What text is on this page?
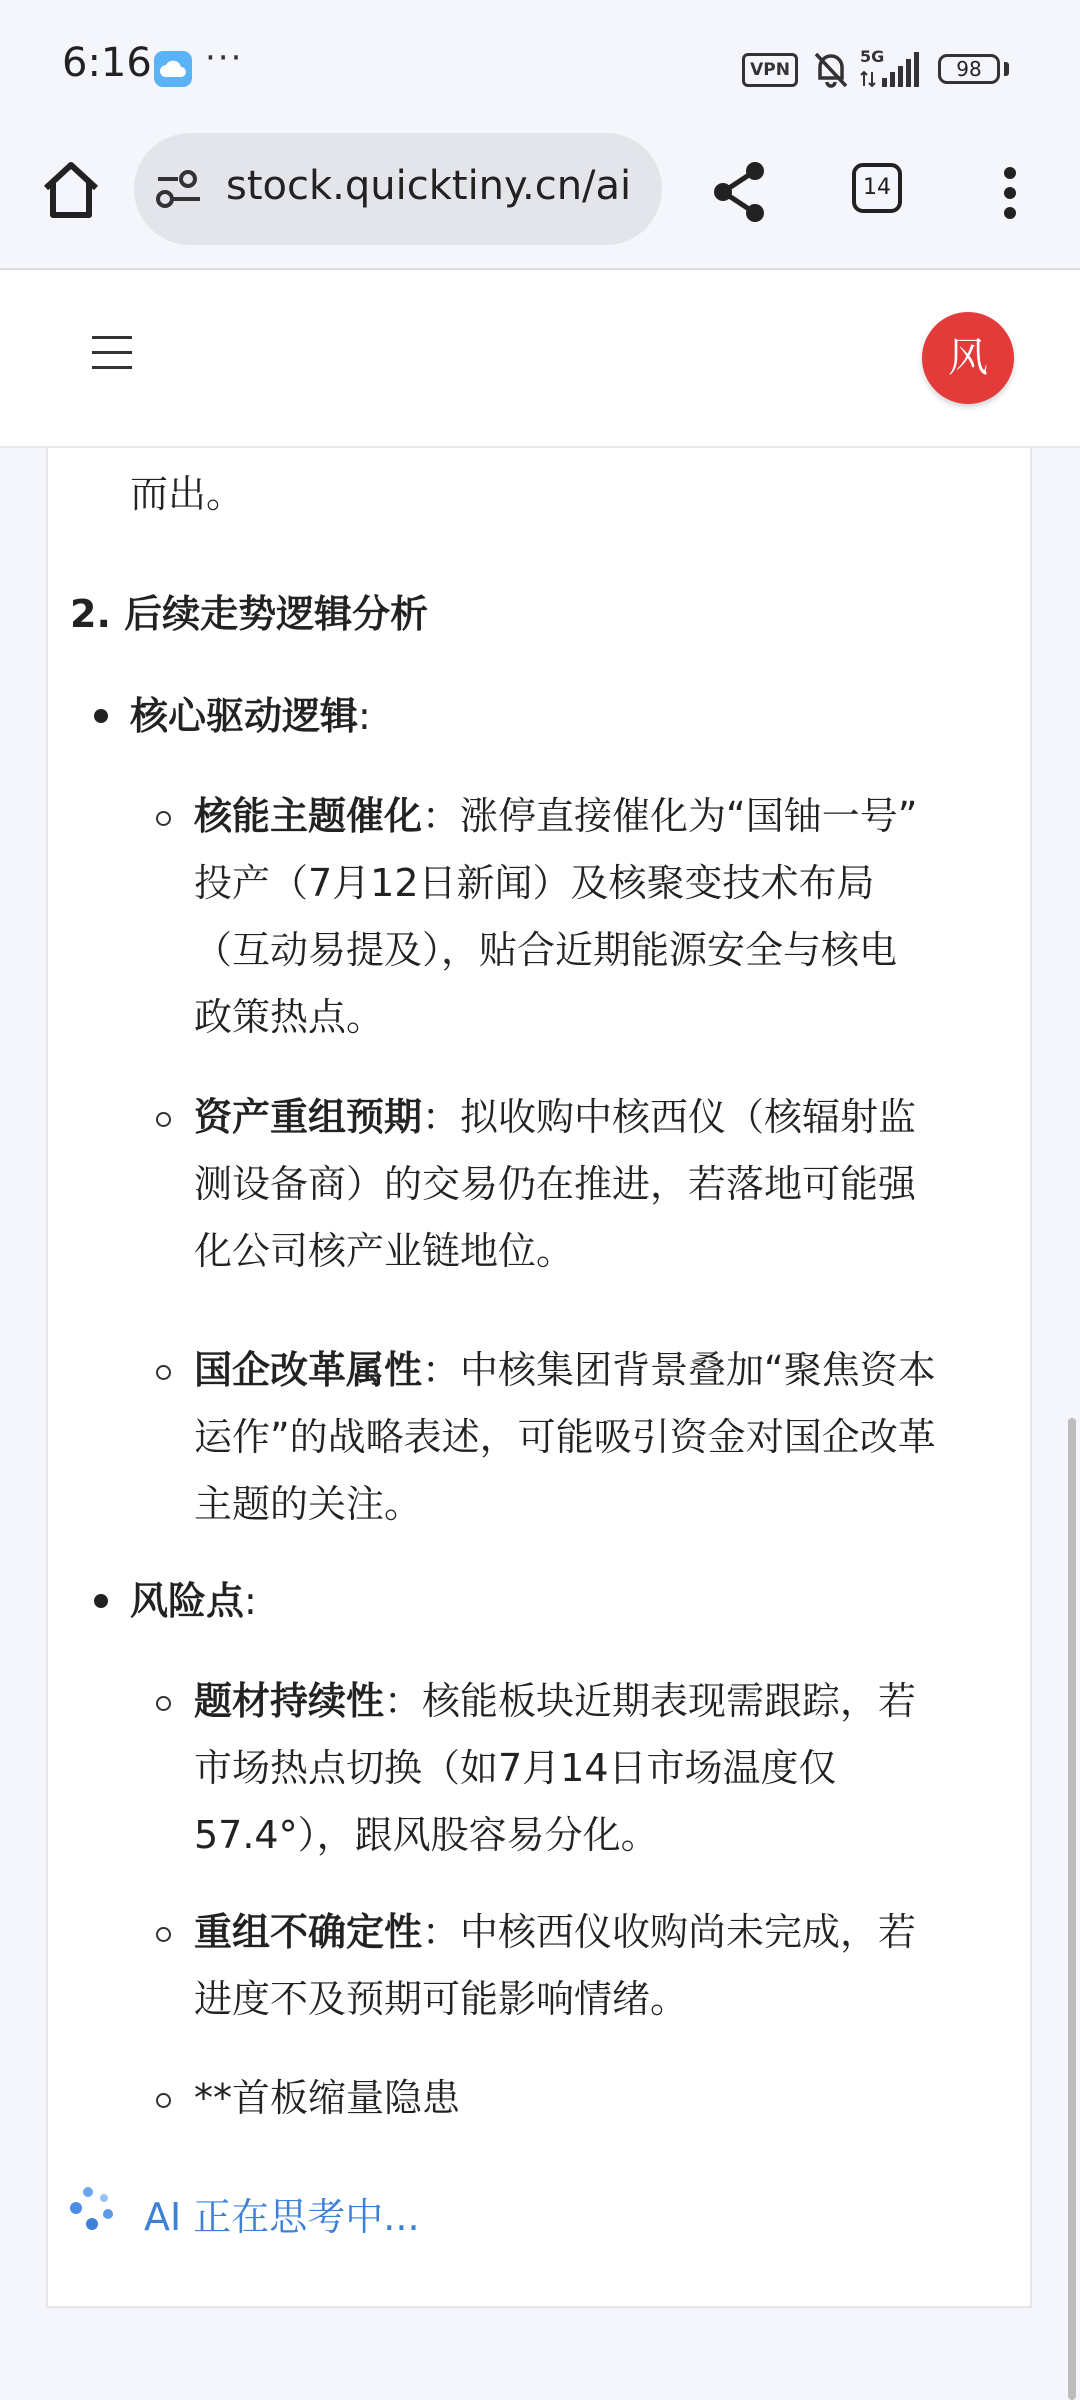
6:16 ···	VPN
5G
98
stock.quicktiny.cn/ai	14
风
而出。
2. 后续走势逻辑分析
核心驱动逻辑:
核能主题催化：涨停直接催化为“国铀一号”
投产（7月12日新闻）及核聚变技术布局
（互动易提及），贴合近期能源安全与核电
政策热点。
资产重组预期：拟收购中核西仪（核辐射监
测设备商）的交易仍在推进，若落地可能强
化公司核产业链地位。
国企改革属性：中核集团背景叠加“聚焦资本
运作”的战略表述，可能吸引资金对国企改革
主题的关注。
风险点:
题材持续性：核能板块近期表现需跟踪，若
市场热点切换（如7月14日市场温度仅
57.4°），跟风股容易分化。
重组不确定性：中核西仪收购尚未完成，若
进度不及预期可能影响情绪。
**首板缩量隐患
AI 正在思考中...
